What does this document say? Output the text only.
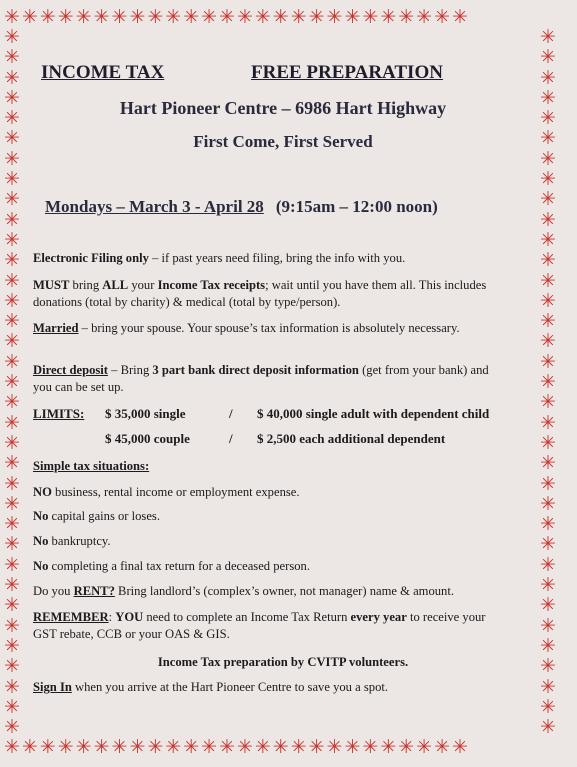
✳✳✳✳✳✳✳✳✳✳✳✳✳✳✳✳✳✳✳✳✳✳✳✳✳✳
✳✳✳✳✳✳✳✳✳✳✳✳✳✳✳✳✳✳✳✳✳✳✳✳✳✳
✳
✳
✳
✳
✳
✳
✳
✳
✳
✳
✳
✳
✳
✳
✳
✳
✳
✳
✳
✳
✳
✳
✳
✳
✳
✳
✳
✳
✳
✳
✳
✳
✳
✳
✳
✳
✳
✳
✳
✳
✳
✳
✳
✳
✳
✳
✳
✳
✳
✳
✳
✳
✳
✳
✳
✳
✳
✳
✳
✳
✳
✳
✳
✳
✳
✳
✳
✳
✳
✳
INCOME TAX	FREE PREPARATION
Hart Pioneer Centre – 6986 Hart Highway
First Come, First Served
Mondays – March 3 - April 28 (9:15am – 12:00 noon)
Electronic Filing only – if past years need filing, bring the info with you.
MUST bring ALL your Income Tax receipts; wait until you have them all. This includes donations (total by charity) & medical (total by type/person).
Married – bring your spouse. Your spouse’s tax information is absolutely necessary.
Direct deposit – Bring 3 part bank direct deposit information (get from your bank) and you can be set up.
LIMITS: $ 35,000 single	/ $ 40,000 single adult with dependent child
$ 45,000 couple	/ $ 2,500 each additional dependent
Simple tax situations:
NO business, rental income or employment expense.
No capital gains or loses.
No bankruptcy.
No completing a final tax return for a deceased person.
Do you RENT? Bring landlord’s (complex’s owner, not manager) name & amount.
REMEMBER: YOU need to complete an Income Tax Return every year to receive your GST rebate, CCB or your OAS & GIS.
Income Tax preparation by CVITP volunteers.
Sign In when you arrive at the Hart Pioneer Centre to save you a spot.
